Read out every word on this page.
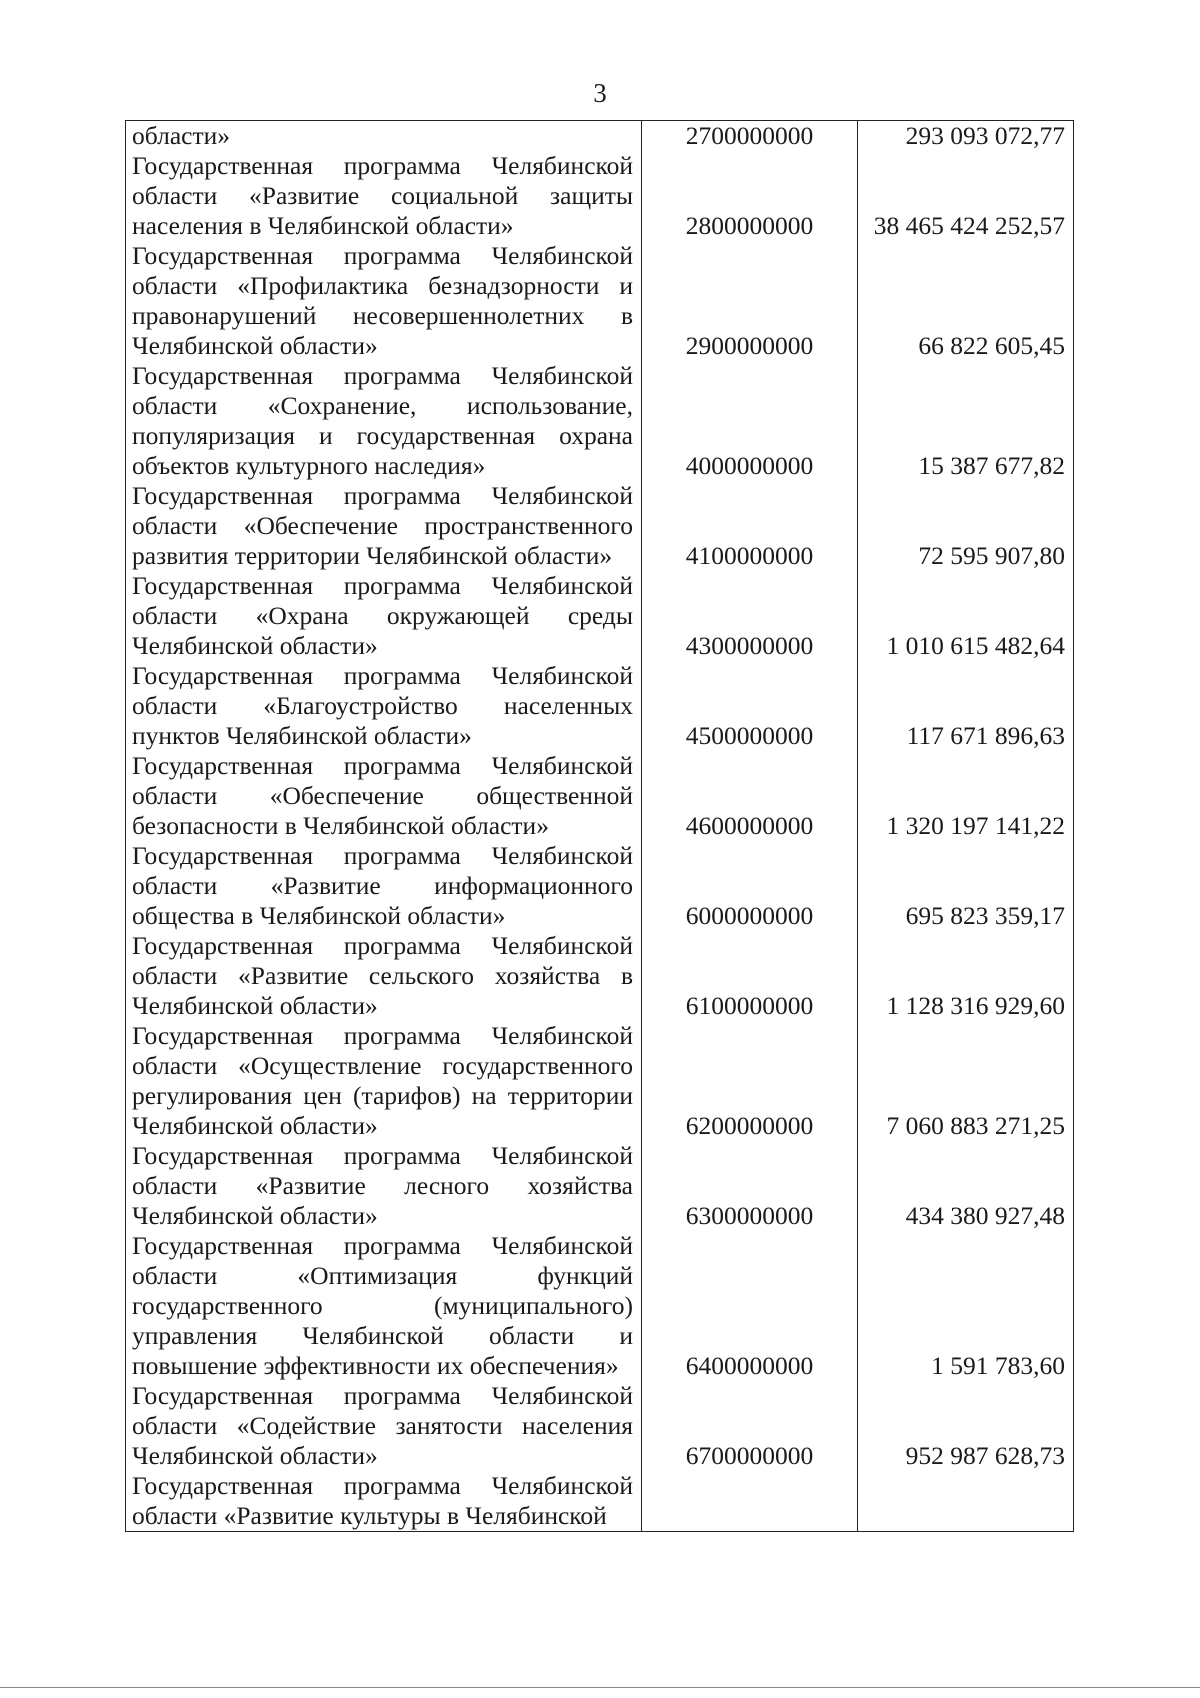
3
области»	2700000000	293 093 072,77

Государственная программа Челябинской области «Развитие социальной защиты населения в Челябинской области»	2800000000	38 465 424 252,57

Государственная программа Челябинской области «Профилактика безнадзорности и правонарушений несовершеннолетних в Челябинской области»	2900000000	66 822 605,45

Государственная программа Челябинской области «Сохранение, использование, популяризация и государственная охрана объектов культурного наследия»	4000000000	15 387 677,82

Государственная программа Челябинской области «Обеспечение пространственного развития территории Челябинской области»	4100000000	72 595 907,80

Государственная программа Челябинской области «Охрана окружающей среды Челябинской области»	4300000000	1 010 615 482,64

Государственная программа Челябинской области «Благоустройство населенных пунктов Челябинской области»	4500000000	117 671 896,63

Государственная программа Челябинской области «Обеспечение общественной безопасности в Челябинской области»	4600000000	1 320 197 141,22

Государственная программа Челябинской области «Развитие информационного общества в Челябинской области»	6000000000	695 823 359,17

Государственная программа Челябинской области «Развитие сельского хозяйства в Челябинской области»	6100000000	1 128 316 929,60

Государственная программа Челябинской области «Осуществление государственного регулирования цен (тарифов) на территории Челябинской области»	6200000000	7 060 883 271,25

Государственная программа Челябинской области «Развитие лесного хозяйства Челябинской области»	6300000000	434 380 927,48

Государственная программа Челябинской области «Оптимизация функций государственного (муниципального) управления Челябинской области и повышение эффективности их обеспечения»	6400000000	1 591 783,60

Государственная программа Челябинской области «Содействие занятости населения Челябинской области»	6700000000	952 987 628,73

Государственная программа Челябинской области «Развитие культуры в Челябинской		
